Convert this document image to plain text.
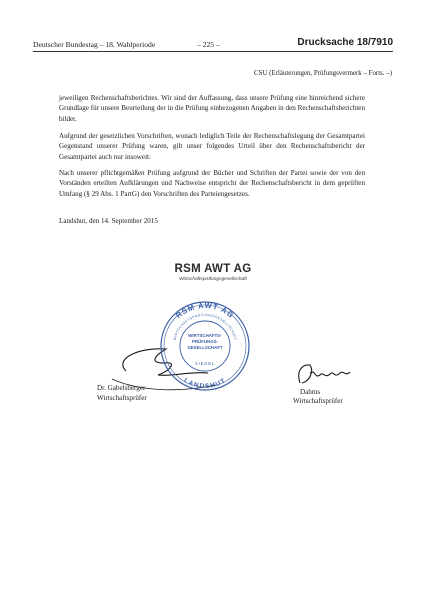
Deutscher Bundestag – 18. Wahlperiode	– 225 –	Drucksache 18/7910
CSU (Erläuterungen, Prüfungsvermerk – Forts. –)

jeweiligen Rechenschaftsberichtes. Wir sind der Auffassung, dass unsere Prüfung eine hinreichend sichere Grundlage für unsere Beurteilung der in die Prüfung einbezogenen Angaben in den Rechenschaftsberichten bildet.

Aufgrund der gesetzlichen Vorschriften, wonach lediglich Teile der Rechenschaftslegung der Gesamtpartei Gegenstand unserer Prüfung waren, gilt unser folgendes Urteil über den Rechenschaftsbericht der Gesamtpartei auch nur insoweit:

Nach unserer pflichtgemäßen Prüfung aufgrund der Bücher und Schriften der Partei sowie der von den Vorständen erteilten Aufklärungen und Nachweise entspricht der Rechenschaftsbericht in dem geprüften Umfang (§ 29 Abs. 1 PartG) den Vorschriften des Parteiengesetzes.

Landshut, den 14. September 2015
RSM AWT AG
Wirtschaftsprüfungsgesellschaft
RSM AWT AG
WIRTSCHAFTSPRÜFUNGSGESELLSCHAFT
LANDSHUT
WIRTSCHAFTS-
PRÜFUNGS-
GESELLSCHAFT
SIEGEL
Dr. Gabelsberger
Wirtschaftsprüfer
Dahms
Wirtschaftsprüfer
